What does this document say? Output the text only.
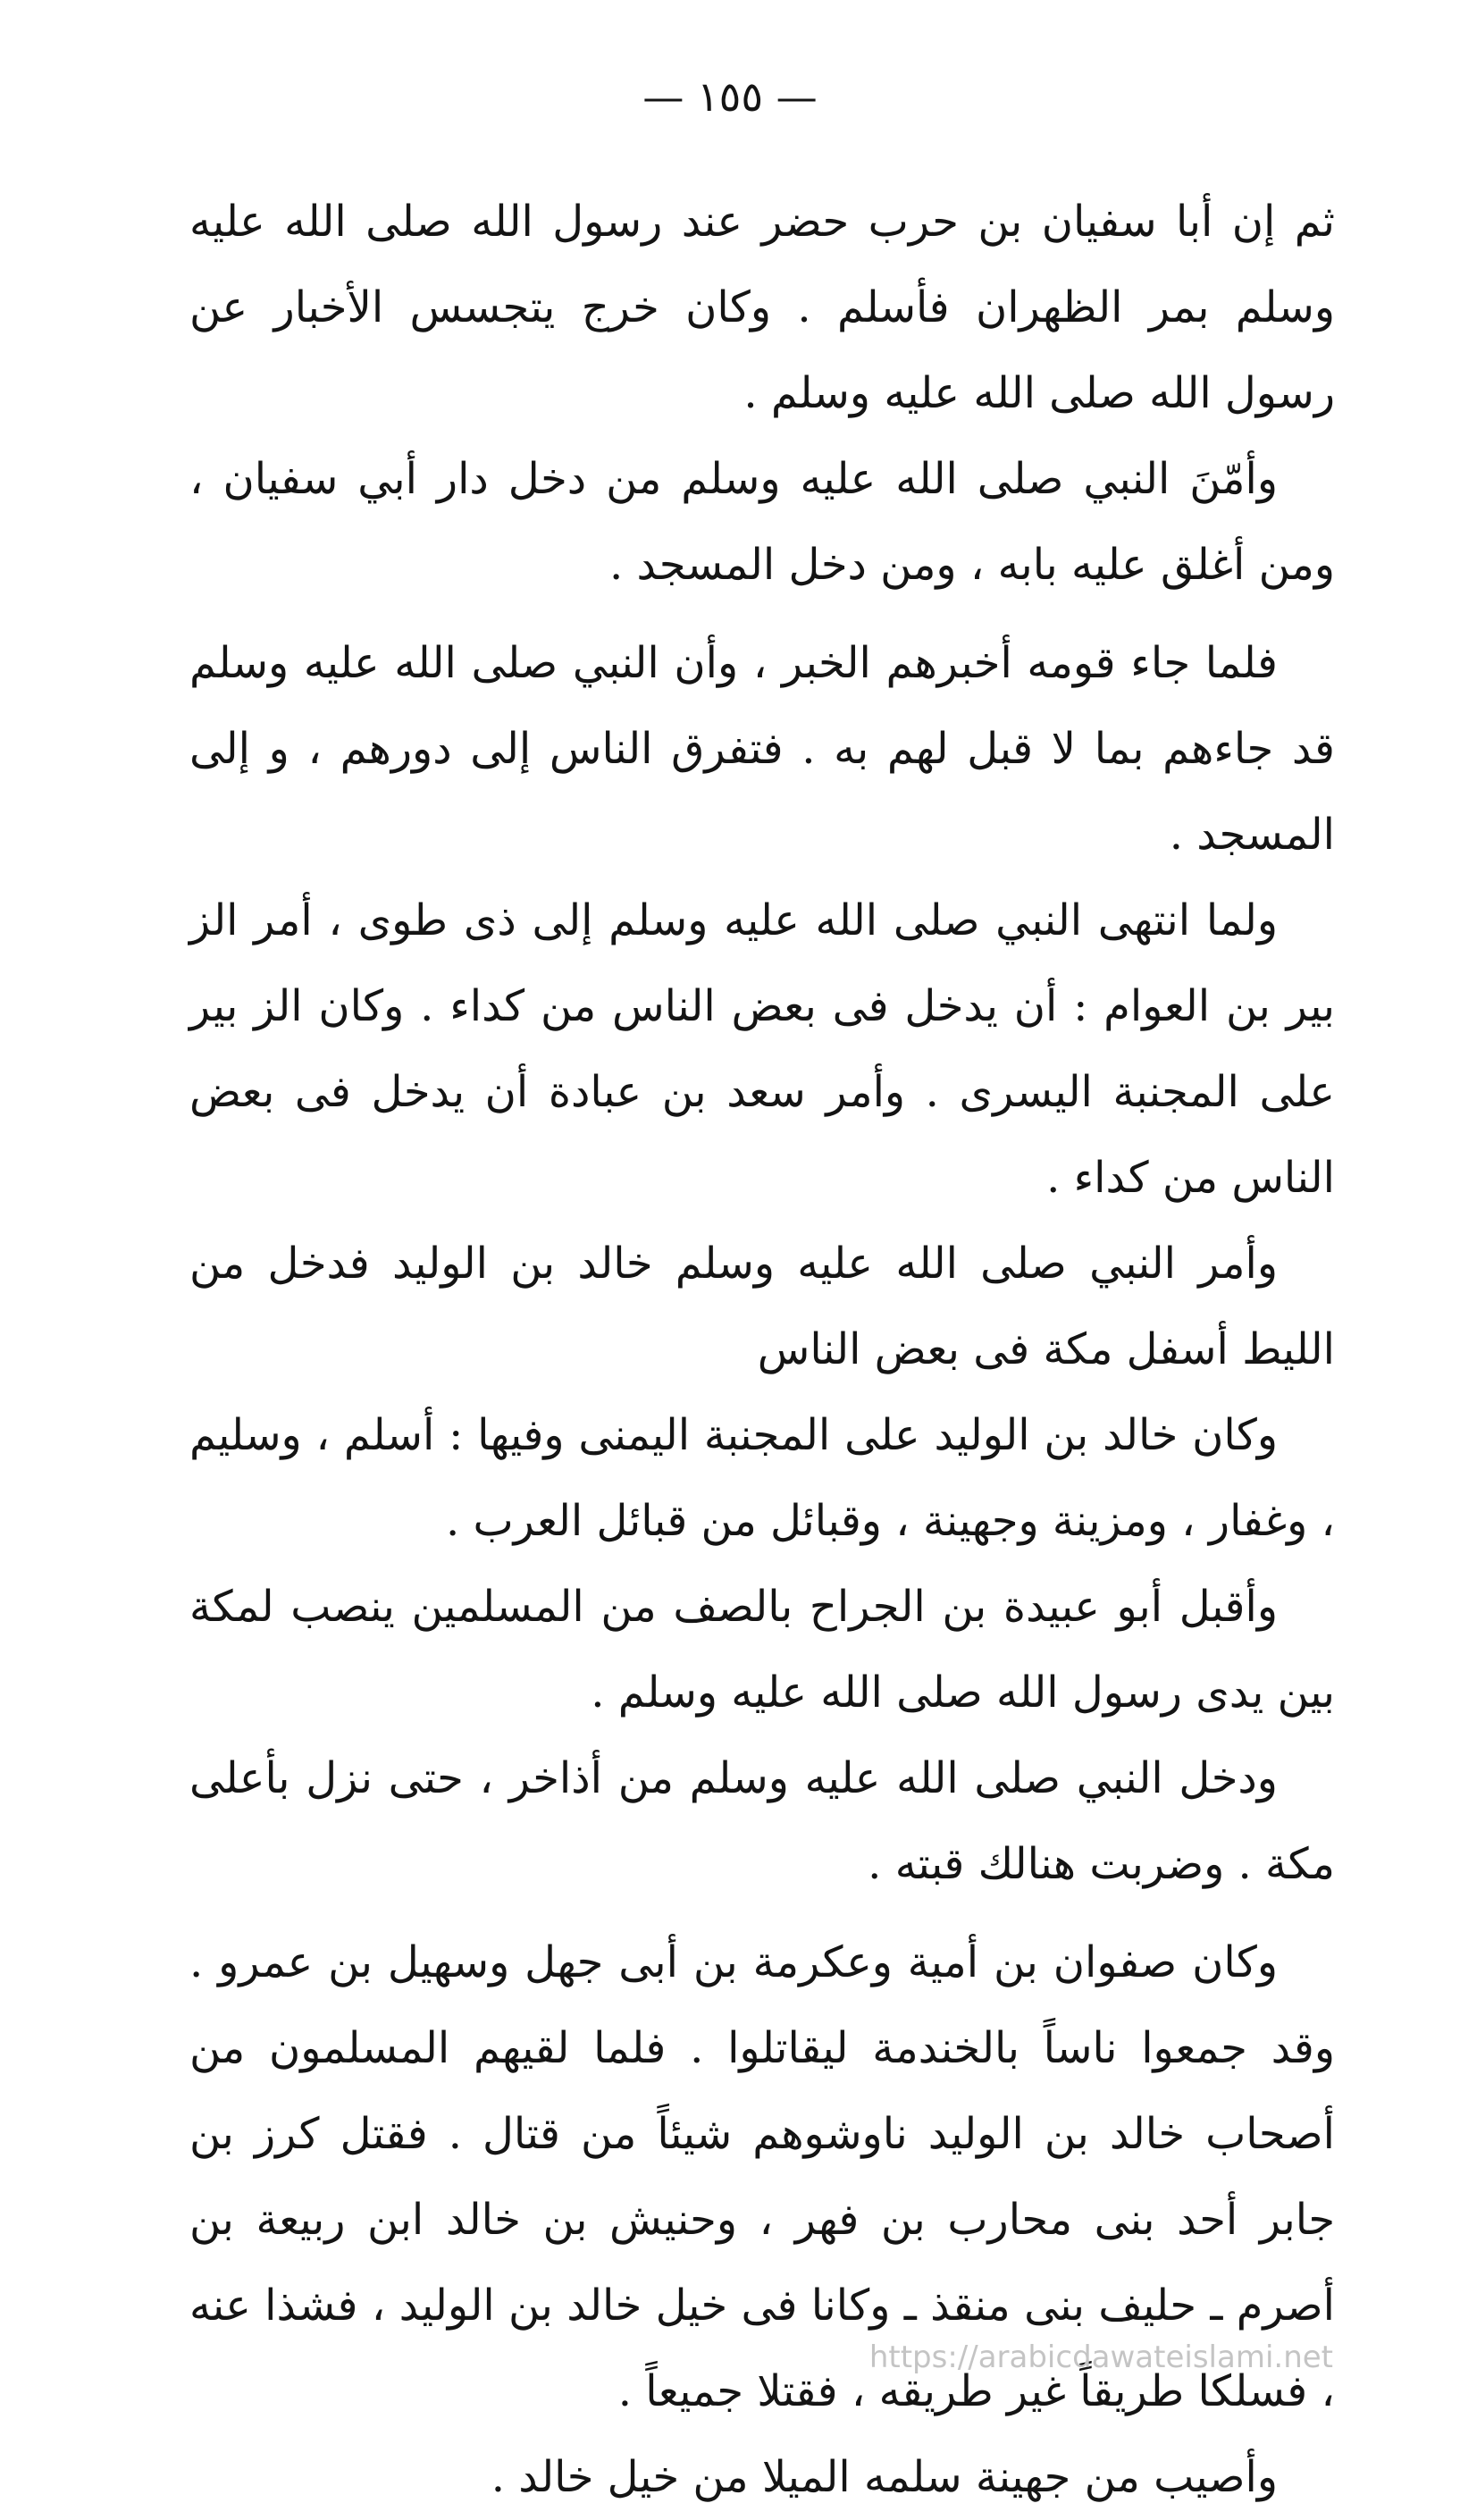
— ١٥٥ —

ثم إن أبا سفيان بن حرب حضر عند رسول الله صلى الله عليه وسلم بمر الظهران فأسلم . وكان خرج يتجسس الأخبار عن رسول الله صلى الله عليه وسلم .

وأمّنَ النبي صلى الله عليه وسلم من دخل دار أبي سفيان ، ومن أغلق عليه بابه ، ومن دخل المسجد .

فلما جاء قومه أخبرهم الخبر ، وأن النبي صلى الله عليه وسلم قد جاءهم بما لا قبل لهم به . فتفرق الناس إلى دورهم ، و إلى المسجد .

ولما انتهى النبي صلى الله عليه وسلم إلى ذى طوى ، أمر الز بير بن العوام : أن يدخل فى بعض الناس من كداء . وكان الز بير على المجنبة اليسرى . وأمر سعد بن عبادة أن يدخل فى بعض الناس من كداء .

وأمر النبي صلى الله عليه وسلم خالد بن الوليد فدخل من الليط أسفل مكة فى بعض الناس

وكان خالد بن الوليد على المجنبة اليمنى وفيها : أسلم ، وسليم ، وغفار ، ومزينة وجهينة ، وقبائل من قبائل العرب .

وأقبل أبو عبيدة بن الجراح بالصف من المسلمين ينصب لمكة بين يدى رسول الله صلى الله عليه وسلم .

ودخل النبي صلى الله عليه وسلم من أذاخر ، حتى نزل بأعلى مكة . وضربت هنالك قبته .

وكان صفوان بن أمية وعكرمة بن أبى جهل وسهيل بن عمرو . وقد جمعوا ناساً بالخندمة ليقاتلوا . فلما لقيهم المسلمون من أصحاب خالد بن الوليد ناوشوهم شيئاً من قتال . فقتل كرز بن جابر أحد بنى محارب بن فهر ، وحنيش بن خالد ابن ربيعة بن أصرم ـ حليف بنى منقذ ـ وكانا فى خيل خالد بن الوليد ، فشذا عنه ، فسلكا طريقاً غير طريقه ، فقتلا جميعاً .

وأصيب من جهينة سلمه الميلا من خيل خالد .

https://arabicdawateislami.net
